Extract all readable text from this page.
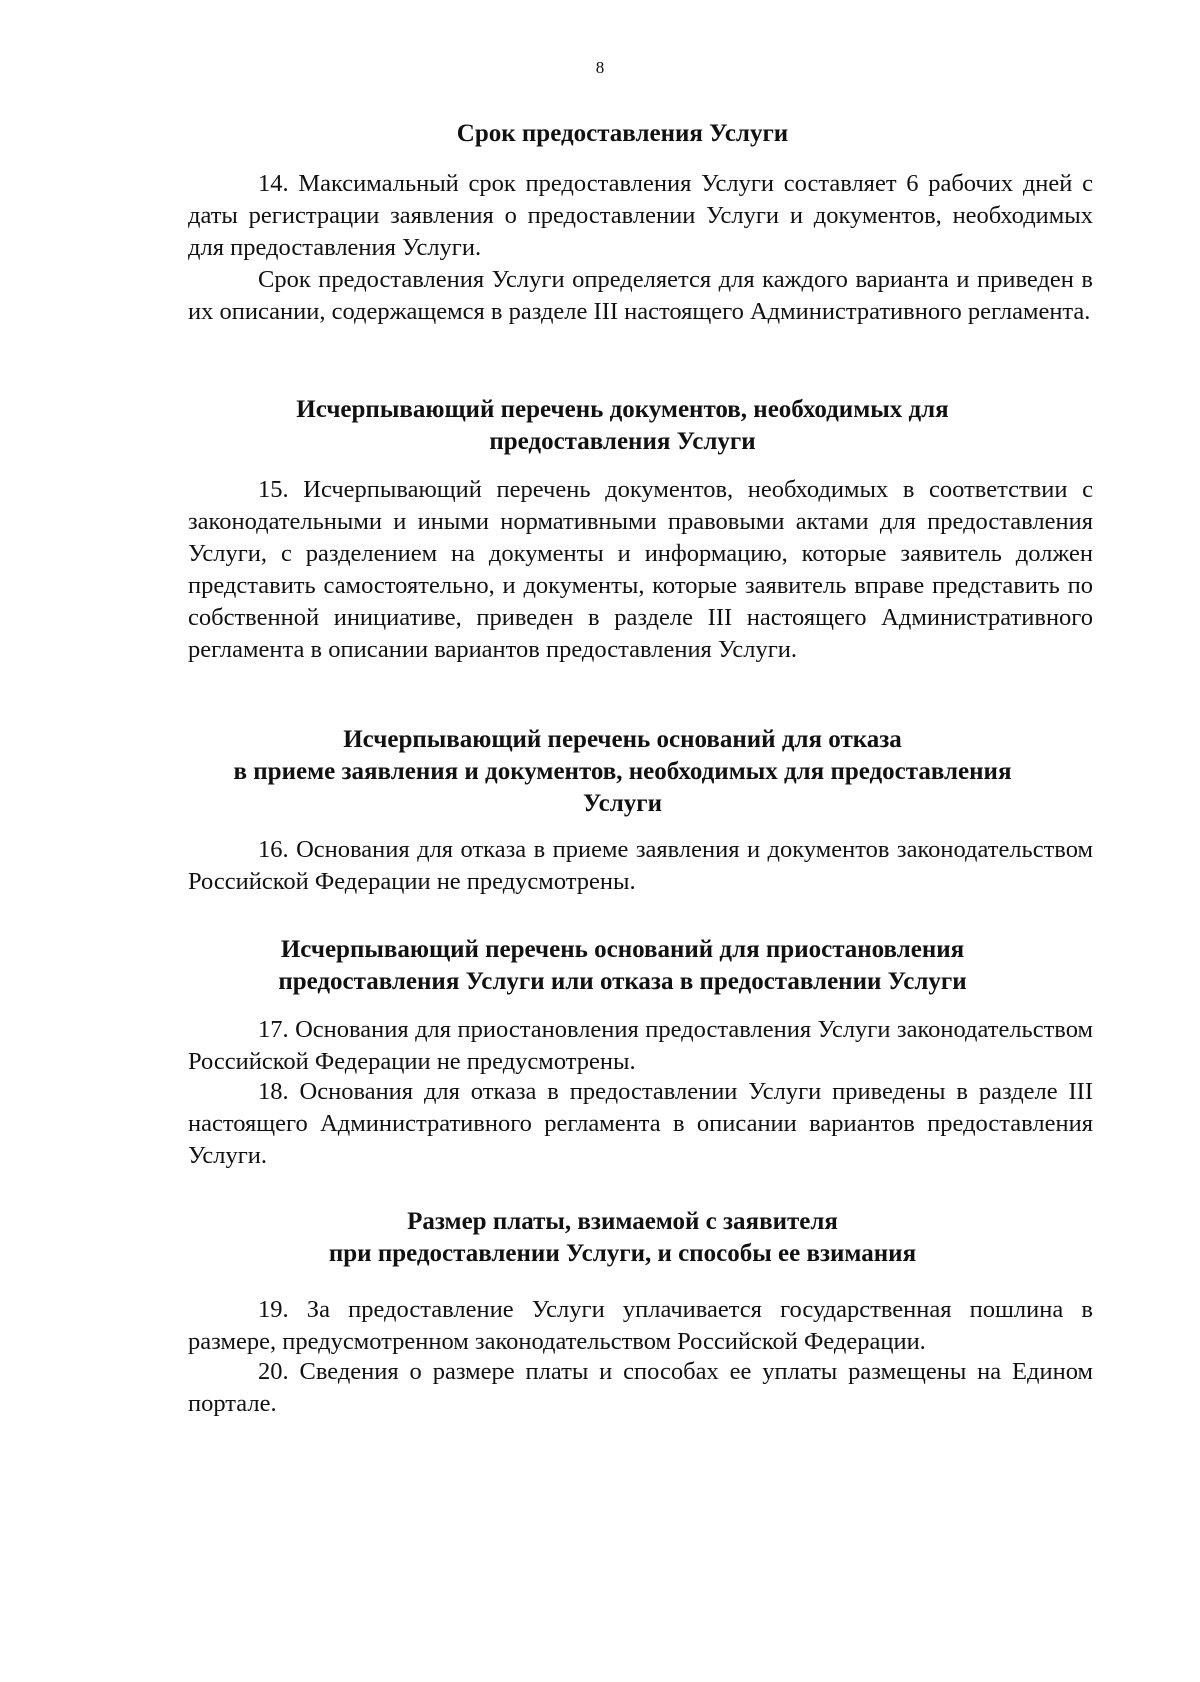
8
Срок предоставления Услуги

14. Максимальный срок предоставления Услуги составляет 6 рабочих дней с даты регистрации заявления о предоставлении Услуги и документов, необходимых для предоставления Услуги.

Срок предоставления Услуги определяется для каждого варианта и приведен в их описании, содержащемся в разделе III настоящего Административного регламента.

Исчерпывающий перечень документов, необходимых для
предоставления Услуги

15. Исчерпывающий перечень документов, необходимых в соответствии с законодательными и иными нормативными правовыми актами для предоставления Услуги, с разделением на документы и информацию, которые заявитель должен представить самостоятельно, и документы, которые заявитель вправе представить по собственной инициативе, приведен в разделе III настоящего Административного регламента в описании вариантов предоставления Услуги.

Исчерпывающий перечень оснований для отказа
в приеме заявления и документов, необходимых для предоставления
Услуги

16. Основания для отказа в приеме заявления и документов законодательством Российской Федерации не предусмотрены.

Исчерпывающий перечень оснований для приостановления
предоставления Услуги или отказа в предоставлении Услуги

17. Основания для приостановления предоставления Услуги законодательством Российской Федерации не предусмотрены.

18. Основания для отказа в предоставлении Услуги приведены в разделе III настоящего Административного регламента в описании вариантов предоставления Услуги.

Размер платы, взимаемой с заявителя
при предоставлении Услуги, и способы ее взимания

19. За предоставление Услуги уплачивается государственная пошлина в размере, предусмотренном законодательством Российской Федерации.

20. Сведения о размере платы и способах ее уплаты размещены на Едином портале.
